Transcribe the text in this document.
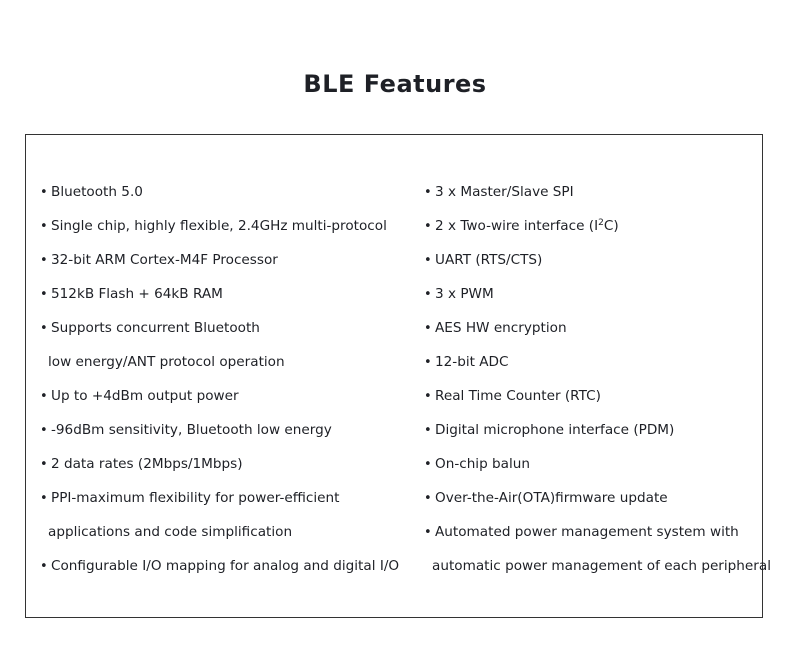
BLE Features
• Bluetooth 5.0
• Single chip, highly flexible, 2.4GHz multi-protocol
• 32-bit ARM Cortex-M4F Processor
• 512kB Flash + 64kB RAM
• Supports concurrent Bluetooth
low energy/ANT protocol operation
• Up to +4dBm output power
• -96dBm sensitivity, Bluetooth low energy
• 2 data rates (2Mbps/1Mbps)
• PPI-maximum flexibility for power-efficient
applications and code simplification
• Configurable I/O mapping for analog and digital I/O
• 3 x Master/Slave SPI
• 2 x Two-wire interface $(I^2C)$
• UART (RTS/CTS)
• 3 x PWM
• AES HW encryption
• 12-bit ADC
• Real Time Counter (RTC)
• Digital microphone interface (PDM)
• On-chip balun
• Over-the-Air(OTA)firmware update
• Automated power management system with
automatic power management of each peripheral
